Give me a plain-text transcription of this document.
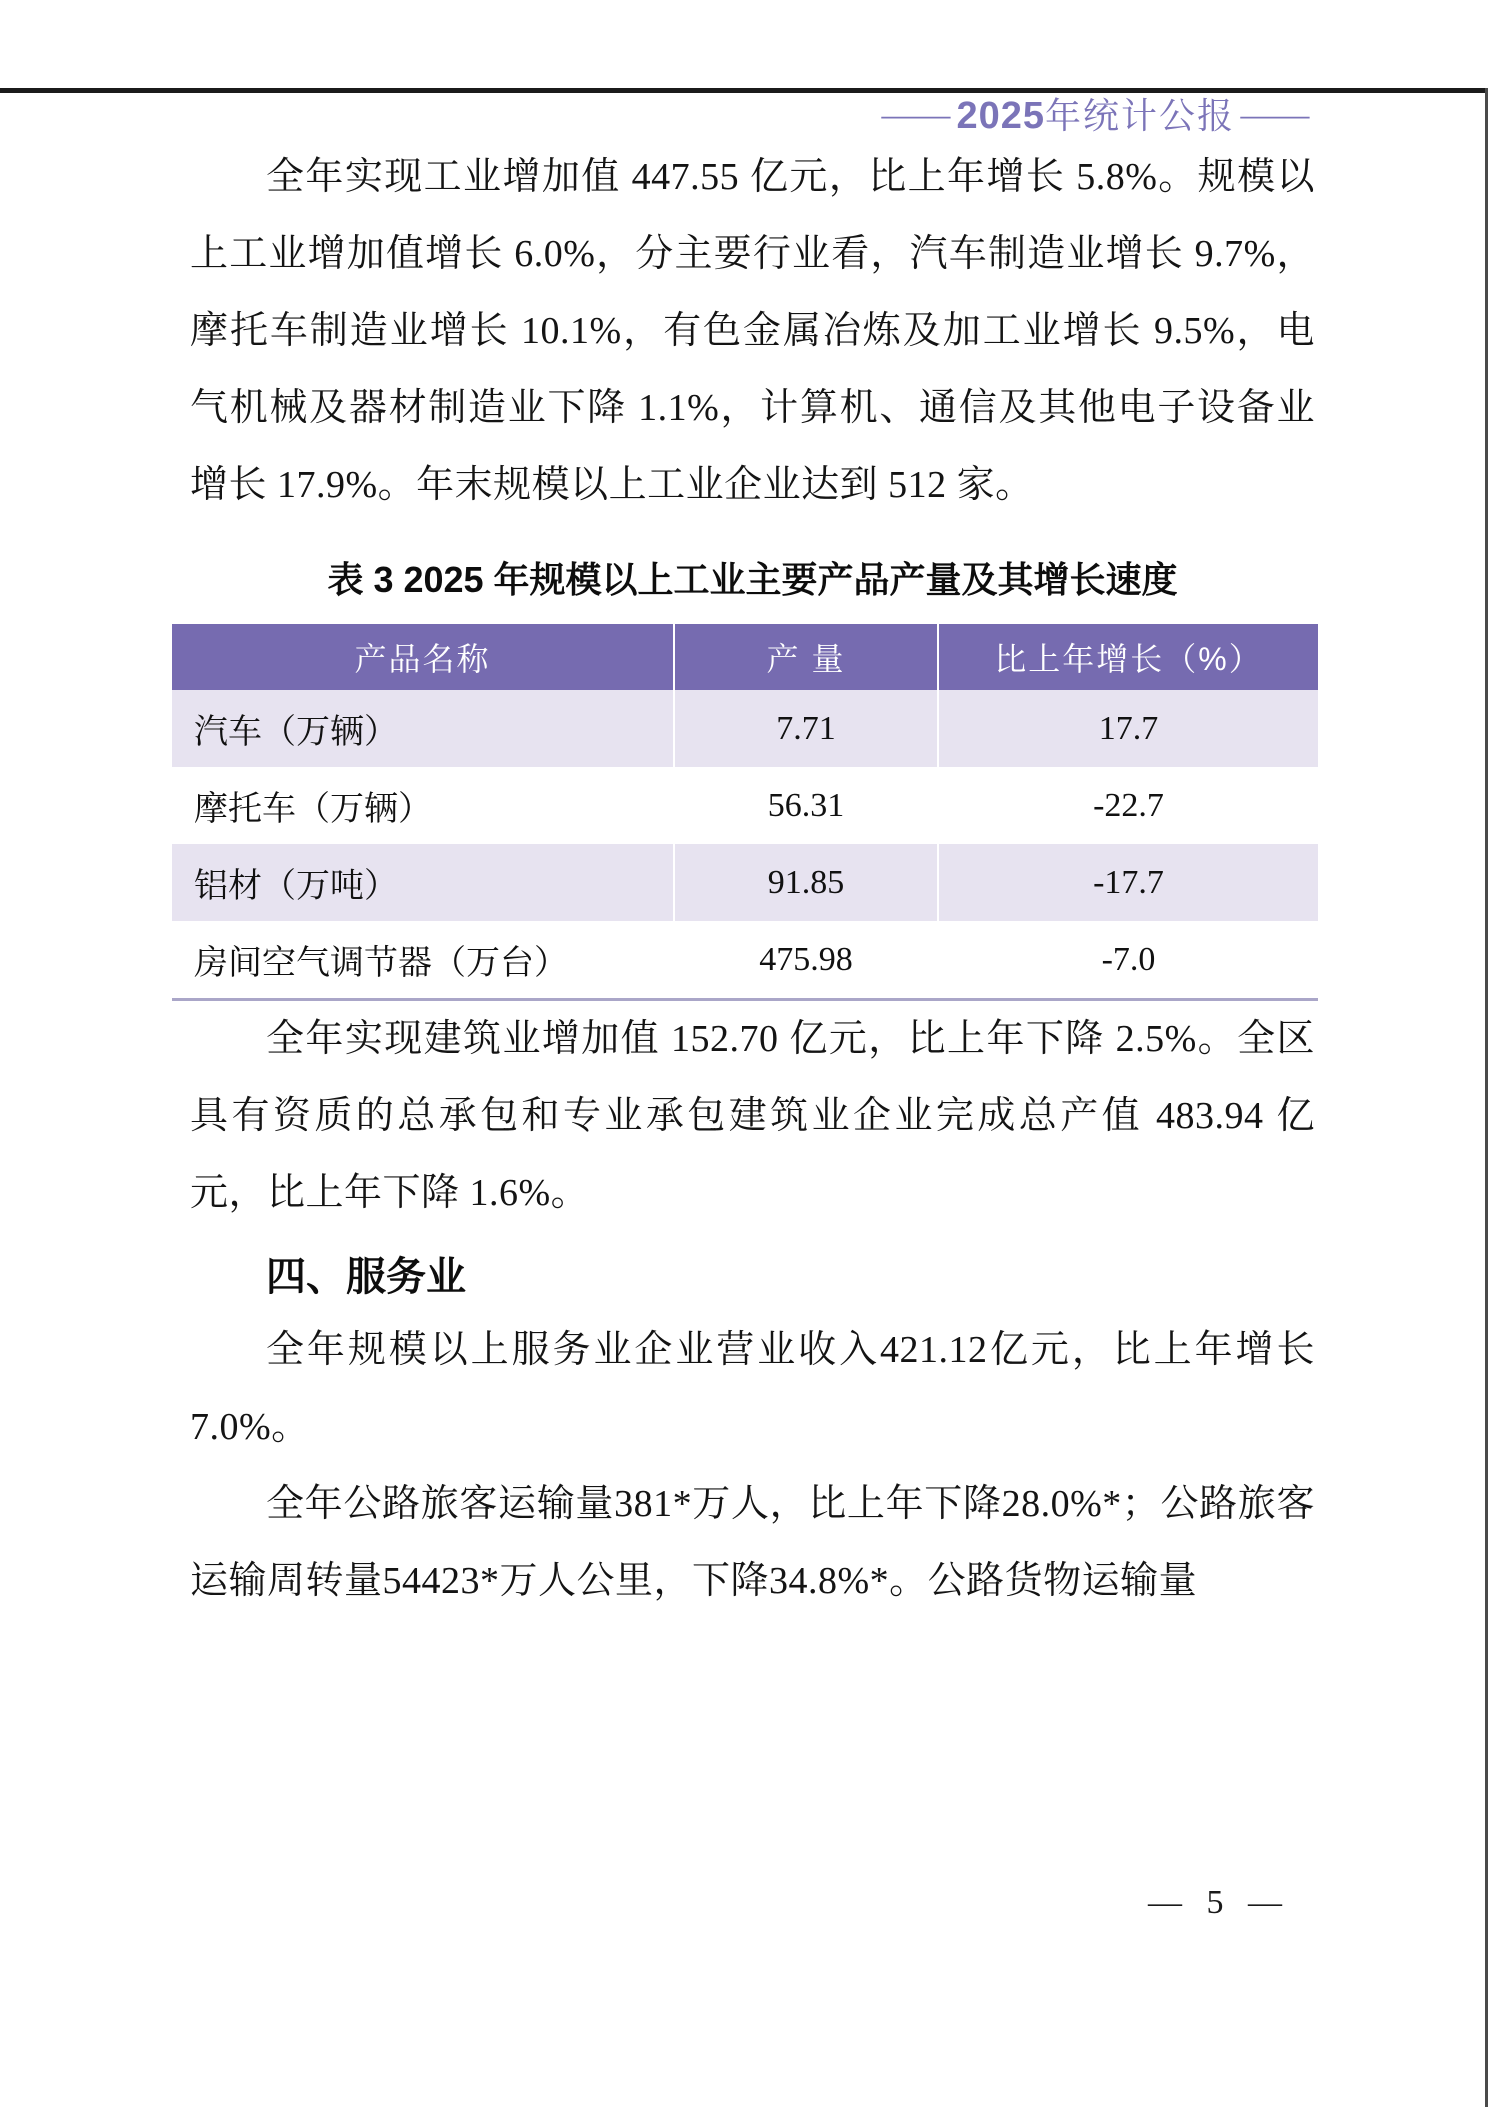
— 2025年统计公报 —

全年实现工业增加值 447.55 亿元，比上年增长 5.8%。规模以上工业增加值增长 6.0%，分主要行业看，汽车制造业增长 9.7%，摩托车制造业增长 10.1%，有色金属冶炼及加工业增长 9.5%，电气机械及器材制造业下降 1.1%，计算机、通信及其他电子设备业增长 17.9%。年末规模以上工业企业达到 512 家。

表 3 2025 年规模以上工业主要产品产量及其增长速度
产品名称	产 量	比上年增长（%）
汽车（万辆）	7.71	17.7
摩托车（万辆）	56.31	-22.7
铝材（万吨）	91.85	-17.7
房间空气调节器（万台）	475.98	-7.0

全年实现建筑业增加值 152.70 亿元，比上年下降 2.5%。全区具有资质的总承包和专业承包建筑业企业完成总产值 483.94 亿元，比上年下降 1.6%。

四、服务业

全年规模以上服务业企业营业收入421.12亿元，比上年增长7.0%。

全年公路旅客运输量381*万人，比上年下降28.0%*；公路旅客运输周转量54423*万人公里，下降34.8%*。公路货物运输量

— 5 —
